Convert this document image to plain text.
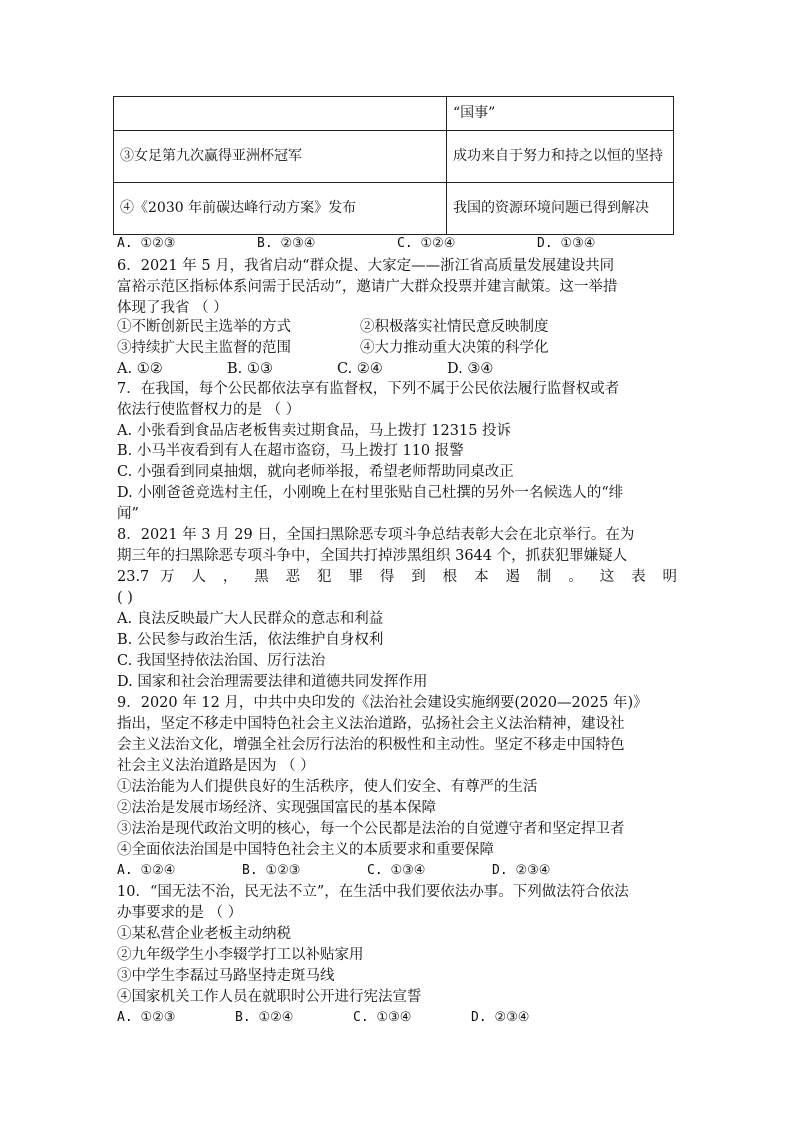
	“国事”
③女足第九次赢得亚洲杯冠军	成功来自于努力和持之以恒的坚持
④《2030 年前碳达峰行动方案》发布	我国的资源环境问题已得到解决
A. ①②③	B. ②③④	C. ①②④	D. ①③④
6．2021 年 5 月，我省启动“群众提、大家定——浙江省高质量发展建设共同
富裕示范区指标体系问需于民活动”，邀请广大群众投票并建言献策。这一举措
体现了我省 （ ）
①不断创新民主选举的方式	②积极落实社情民意反映制度
③持续扩大民主监督的范围	④大力推动重大决策的科学化
A. ①②	B. ①③	C. ②④	D. ③④
7．在我国，每个公民都依法享有监督权，下列不属于公民依法履行监督权或者
依法行使监督权力的是 （ ）
A. 小张看到食品店老板售卖过期食品，马上拨打 12315 投诉
B. 小马半夜看到有人在超市盗窃，马上拨打 110 报警
C. 小强看到同桌抽烟，就向老师举报，希望老师帮助同桌改正
D. 小刚爸爸竞选村主任，小刚晚上在村里张贴自己杜撰的另外一名候选人的“绯
闻”
8．2021 年 3 月 29 日，全国扫黑除恶专项斗争总结表彰大会在北京举行。在为
期三年的扫黑除恶专项斗争中，全国共打掉涉黑组织 3644 个，抓获犯罪嫌疑人
23.7 万 人 ， 黑 恶 犯 罪 得 到 根 本 遏 制 。 这 表 明
( )
A. 良法反映最广大人民群众的意志和利益
B. 公民参与政治生活，依法维护自身权利
C. 我国坚持依法治国、厉行法治
D. 国家和社会治理需要法律和道德共同发挥作用
9．2020 年 12 月，中共中央印发的《法治社会建设实施纲要(2020—2025 年)》
指出，坚定不移走中国特色社会主义法治道路，弘扬社会主义法治精神，建设社
会主义法治文化，增强全社会厉行法治的积极性和主动性。坚定不移走中国特色
社会主义法治道路是因为 （ ）
①法治能为人们提供良好的生活秩序，使人们安全、有尊严的生活
②法治是发展市场经济、实现强国富民的基本保障
③法治是现代政治文明的核心，每一个公民都是法治的自觉遵守者和坚定捍卫者
④全面依法治国是中国特色社会主义的本质要求和重要保障
A. ①②④	B. ①②③	C. ①③④	D. ②③④
10．“国无法不治，民无法不立”，在生活中我们要依法办事。下列做法符合依法
办事要求的是 （ ）
①某私营企业老板主动纳税
②九年级学生小李辍学打工以补贴家用
③中学生李磊过马路坚持走斑马线
④国家机关工作人员在就职时公开进行宪法宣誓
A. ①②③	B. ①②④	C. ①③④	D. ②③④
